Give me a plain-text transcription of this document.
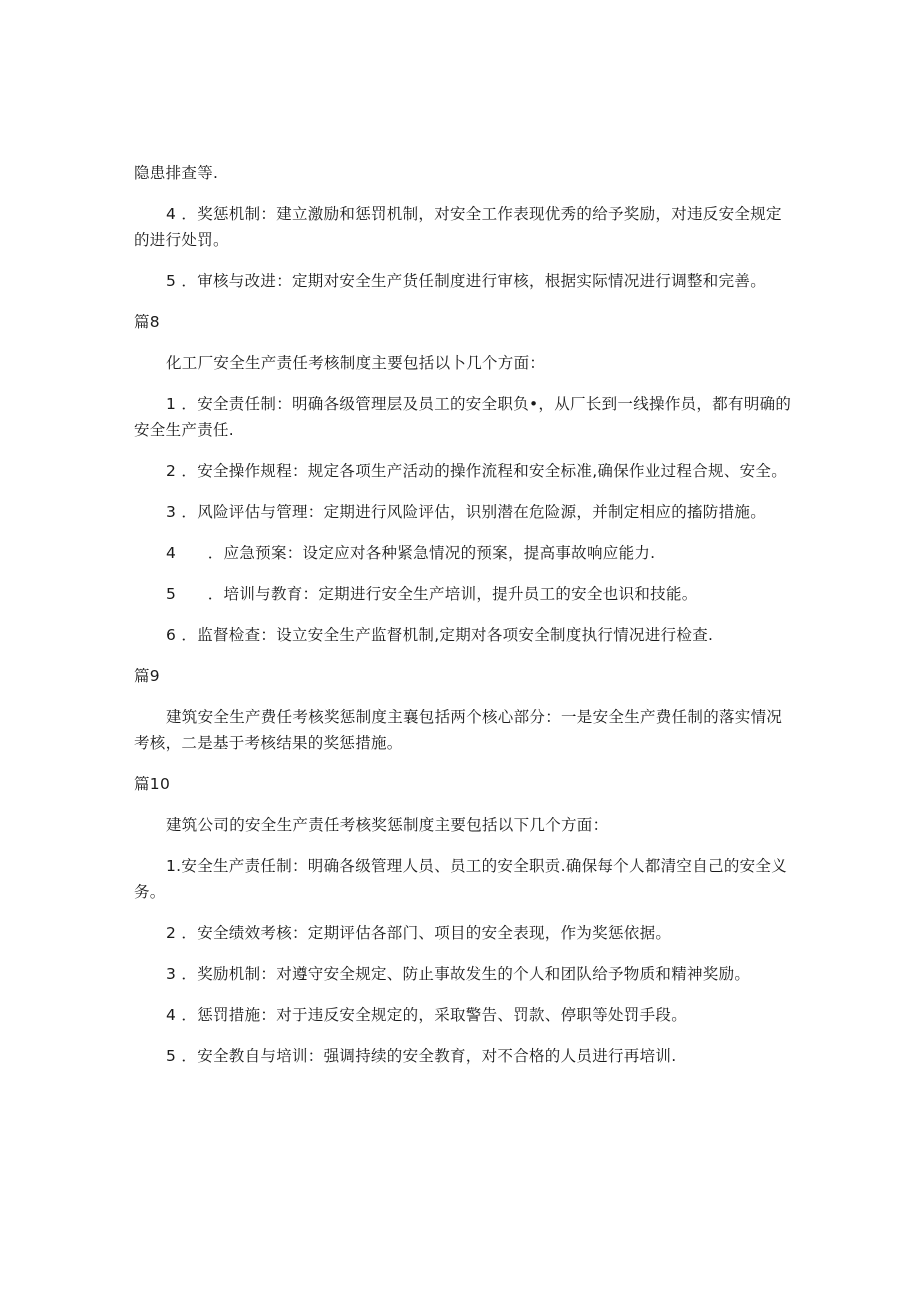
隐患排查等.

4 ．奖惩机制：建立激励和惩罚机制，对安全工作表现优秀的给予奖励，对违反安全规定的进行处罚。

5 ．审核与改进：定期对安全生产货任制度进行审核，根据实际情况进行调整和完善。

篇8

化工厂安全生产责任考核制度主要包括以卜几个方面：

1 ．安全责任制：明确各级管理层及员工的安全职负•，从厂长到一线操作员，都有明确的安全生产责任.

2 ．安全操作规程：规定各项生产活动的操作流程和安全标准,确保作业过程合规、安全。

3 ．风险评估与管理：定期进行风险评估，识别潜在危险源，并制定相应的搐防措施。

4　　．应急预案：设定应对各种紧急情况的预案，提高事故响应能力.

5　　．培训与教育：定期进行安全生产培训，提升员工的安全也识和技能。

6 ．监督检查：设立安全生产监督机制,定期对各项安全制度执行情况进行检查.

篇9

建筑安全生产费任考核奖惩制度主襄包括两个核心部分：一是安全生产费任制的落实情况考核，二是基于考核结果的奖惩措施。

篇10

建筑公司的安全生产责任考核奖惩制度主要包括以下几个方面：

1.安全生产责任制：明确各级管理人员、员工的安全职贡.确保每个人都清空自己的安全义务。

2 ．安全绩效考核：定期评估各部门、项目的安全表现，作为奖惩依据。

3 ．奖励机制：对遵守安全规定、防止事故发生的个人和团队给予物质和精神奖励。

4 ．惩罚措施：对于违反安全规定的，采取警告、罚款、停职等处罚手段。

5 ．安全教自与培训：强调持续的安全教育，对不合格的人员进行再培训.
